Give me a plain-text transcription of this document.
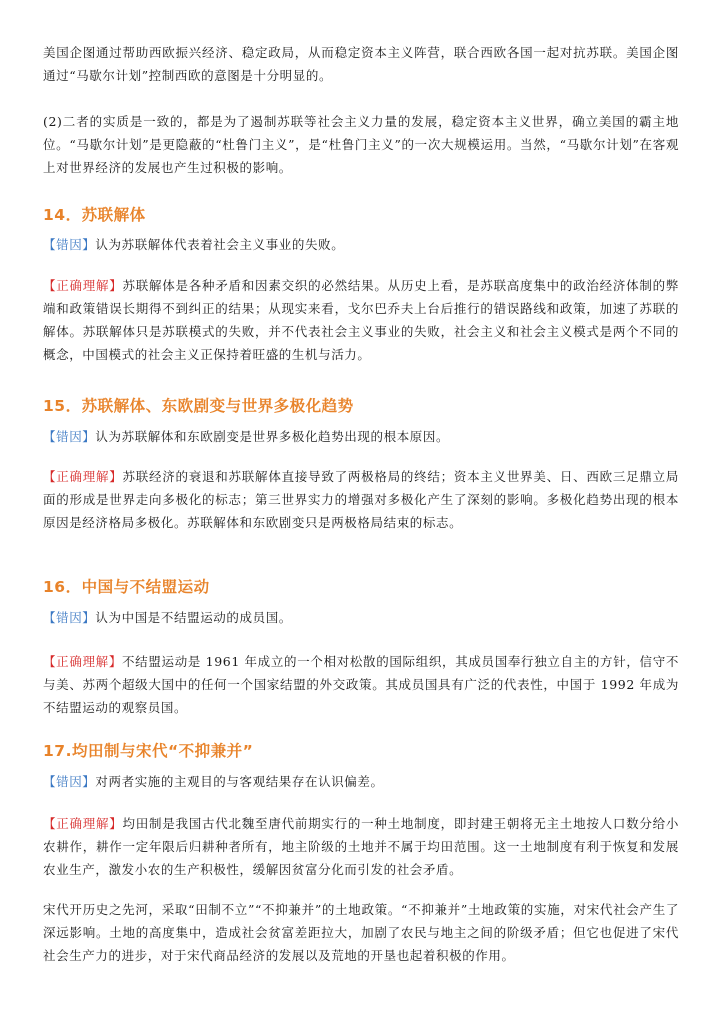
美国企图通过帮助西欧振兴经济、稳定政局，从而稳定资本主义阵营，联合西欧各国一起对抗苏联。美国企图通过“马歇尔计划”控制西欧的意图是十分明显的。

(2)二者的实质是一致的，都是为了遏制苏联等社会主义力量的发展，稳定资本主义世界，确立美国的霸主地位。“马歇尔计划”是更隐蔽的“杜鲁门主义”，是“杜鲁门主义”的一次大规模运用。当然，“马歇尔计划”在客观上对世界经济的发展也产生过积极的影响。

14．苏联解体

【错因】认为苏联解体代表着社会主义事业的失败。

【正确理解】苏联解体是各种矛盾和因素交织的必然结果。从历史上看，是苏联高度集中的政治经济体制的弊端和政策错误长期得不到纠正的结果；从现实来看，戈尔巴乔夫上台后推行的错误路线和政策，加速了苏联的解体。苏联解体只是苏联模式的失败，并不代表社会主义事业的失败，社会主义和社会主义模式是两个不同的概念，中国模式的社会主义正保持着旺盛的生机与活力。

15．苏联解体、东欧剧变与世界多极化趋势

【错因】认为苏联解体和东欧剧变是世界多极化趋势出现的根本原因。

【正确理解】苏联经济的衰退和苏联解体直接导致了两极格局的终结；资本主义世界美、日、西欧三足鼎立局面的形成是世界走向多极化的标志；第三世界实力的增强对多极化产生了深刻的影响。多极化趋势出现的根本原因是经济格局多极化。苏联解体和东欧剧变只是两极格局结束的标志。

16．中国与不结盟运动

【错因】认为中国是不结盟运动的成员国。

【正确理解】不结盟运动是 1961 年成立的一个相对松散的国际组织，其成员国奉行独立自主的方针，信守不与美、苏两个超级大国中的任何一个国家结盟的外交政策。其成员国具有广泛的代表性，中国于 1992 年成为不结盟运动的观察员国。

17.均田制与宋代“不抑兼并”

【错因】对两者实施的主观目的与客观结果存在认识偏差。

【正确理解】均田制是我国古代北魏至唐代前期实行的一种土地制度，即封建王朝将无主土地按人口数分给小农耕作，耕作一定年限后归耕种者所有，地主阶级的土地并不属于均田范围。这一土地制度有利于恢复和发展农业生产，激发小农的生产积极性，缓解因贫富分化而引发的社会矛盾。

宋代开历史之先河，采取“田制不立”“不抑兼并”的土地政策。“不抑兼并”土地政策的实施，对宋代社会产生了深远影响。土地的高度集中，造成社会贫富差距拉大，加剧了农民与地主之间的阶级矛盾；但它也促进了宋代社会生产力的进步，对于宋代商品经济的发展以及荒地的开垦也起着积极的作用。
